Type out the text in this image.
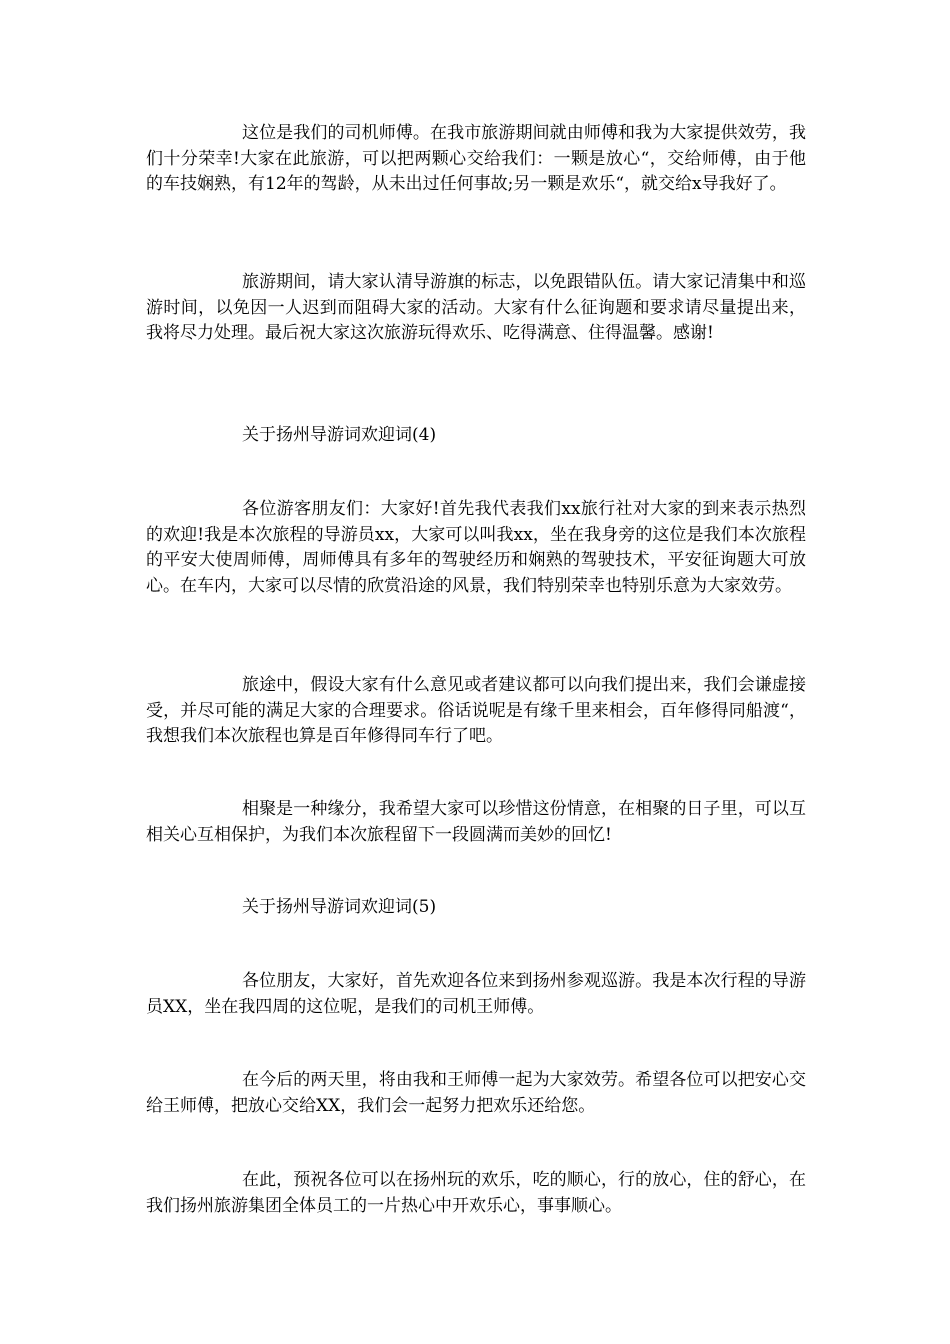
这位是我们的司机师傅。在我市旅游期间就由师傅和我为大家提供效劳，我们十分荣幸!大家在此旅游，可以把两颗心交给我们：一颗是放心“，交给师傅，由于他的车技娴熟，有12年的驾龄，从未出过任何事故;另一颗是欢乐“，就交给x导我好了。

旅游期间，请大家认清导游旗的标志，以免跟错队伍。请大家记清集中和巡游时间，以免因一人迟到而阻碍大家的活动。大家有什么征询题和要求请尽量提出来，我将尽力处理。最后祝大家这次旅游玩得欢乐、吃得满意、住得温馨。感谢!

关于扬州导游词欢迎词(4)

各位游客朋友们：大家好!首先我代表我们xx旅行社对大家的到来表示热烈的欢迎!我是本次旅程的导游员xx，大家可以叫我xx，坐在我身旁的这位是我们本次旅程的平安大使周师傅，周师傅具有多年的驾驶经历和娴熟的驾驶技术，平安征询题大可放心。在车内，大家可以尽情的欣赏沿途的风景，我们特别荣幸也特别乐意为大家效劳。

旅途中，假设大家有什么意见或者建议都可以向我们提出来，我们会谦虚接受，并尽可能的满足大家的合理要求。俗话说呢是有缘千里来相会，百年修得同船渡“，我想我们本次旅程也算是百年修得同车行了吧。

相聚是一种缘分，我希望大家可以珍惜这份情意，在相聚的日子里，可以互相关心互相保护，为我们本次旅程留下一段圆满而美妙的回忆!

关于扬州导游词欢迎词(5)

各位朋友，大家好，首先欢迎各位来到扬州参观巡游。我是本次行程的导游员XX，坐在我四周的这位呢，是我们的司机王师傅。

在今后的两天里，将由我和王师傅一起为大家效劳。希望各位可以把安心交给王师傅，把放心交给XX，我们会一起努力把欢乐还给您。

在此，预祝各位可以在扬州玩的欢乐，吃的顺心，行的放心，住的舒心，在我们扬州旅游集团全体员工的一片热心中开欢乐心，事事顺心。
